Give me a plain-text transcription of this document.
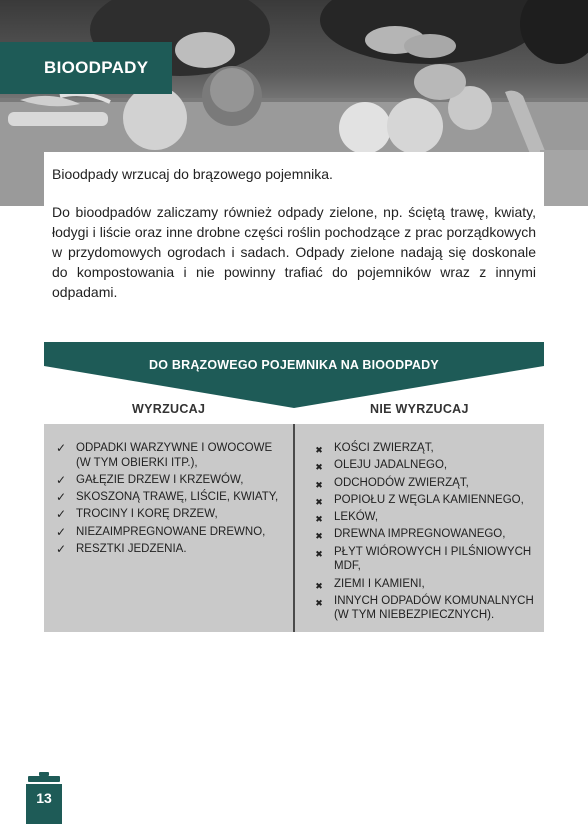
BIOODPADY

Bioodpady wrzucaj do brązowego pojemnika.

Do bioodpadów zaliczamy również odpady zielone, np. ściętą trawę, kwiaty, łodygi i liście oraz inne drobne części roślin pochodzące z prac porządkowych w przydomowych ogrodach i sadach. Odpady zielone nadają się doskonale do kompostowania i nie powinny trafiać do pojemników wraz z innymi odpadami.

DO BRĄZOWEGO POJEMNIKA NA BIOODPADY
WYRZUCAJ	NIE WYRZUCAJ
✓ ODPADKI WARZYWNE I OWOCOWE (W TYM OBIERKI ITP.),
✓ GAŁĘZIE DRZEW I KRZEWÓW,
✓ SKOSZONĄ TRAWĘ, LIŚCIE, KWIATY,
✓ TROCINY I KORĘ DRZEW,
✓ NIEZAIMPREGNOWANE DREWNO,
✓ RESZTKI JEDZENIA.
✖ KOŚCI ZWIERZĄT,
✖ OLEJU JADALNEGO,
✖ ODCHODÓW ZWIERZĄT,
✖ POPIOŁU Z WĘGLA KAMIENNEGO,
✖ LEKÓW,
✖ DREWNA IMPREGNOWANEGO,
✖ PŁYT WIÓROWYCH I PILŚNIOWYCH MDF,
✖ ZIEMI I KAMIENI,
✖ INNYCH ODPADÓW KOMUNALNYCH (W TYM NIEBEZPIECZNYCH).
13
